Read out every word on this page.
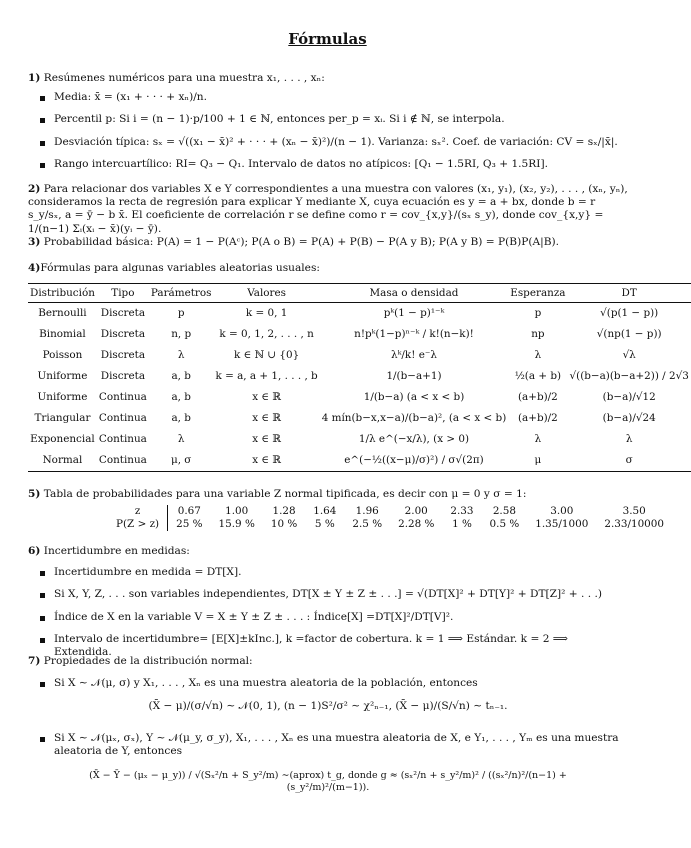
Fórmulas
1) Resúmenes numéricos para una muestra x₁, . . . , xₙ:
Media: x̄ = (x₁ + · · · + xₙ)/n.
Percentil p: Si i = (n − 1)·p/100 + 1 ∈ ℕ, entonces per_p = xᵢ. Si i ∉ ℕ, se interpola.
Desviación típica: sₓ = √((x₁ − x̄)² + · · · + (xₙ − x̄)²)/(n − 1). Varianza: sₓ². Coef. de variación: CV = sₓ/|x̄|.
Rango intercuartílico: RI= Q₃ − Q₁. Intervalo de datos no atípicos: [Q₁ − 1.5RI, Q₃ + 1.5RI].
2) Para relacionar dos variables X e Y correspondientes a una muestra con valores (x₁, y₁), (x₂, y₂), . . . , (xₙ, yₙ), consideramos la recta de regresión para explicar Y mediante X, cuya ecuación es y = a + bx, donde b = r s_y/sₓ, a = ȳ − b x̄. El coeficiente de correlación r se define como r = cov_{x,y}/(sₓ s_y), donde cov_{x,y} = 1/(n−1) Σᵢ(xᵢ − x̄)(yᵢ − ȳ).
3) Probabilidad básica: P(A) = 1 − P(Aᶜ); P(A o B) = P(A) + P(B) − P(A y B); P(A y B) = P(B)P(A|B).
4)Fórmulas para algunas variables aleatorias usuales:
Distribución	Tipo	Parámetros	Valores	Masa o densidad	Esperanza	DT
Bernoulli	Discreta	p	k = 0, 1	pᵏ(1 − p)¹⁻ᵏ	p	√(p(1 − p))
Binomial	Discreta	n, p	k = 0, 1, 2, . . . , n	n!pᵏ(1−p)ⁿ⁻ᵏ / k!(n−k)!	np	√(np(1 − p))
Poisson	Discreta	λ	k ∈ ℕ ∪ {0}	λᵏ/k! e⁻λ	λ	√λ
Uniforme	Discreta	a, b	k = a, a + 1, . . . , b	1/(b−a+1)	½(a + b)	√((b−a)(b−a+2)) / 2√3
Uniforme	Continua	a, b	x ∈ ℝ	1/(b−a) (a < x < b)	(a+b)/2	(b−a)/√12
Triangular	Continua	a, b	x ∈ ℝ	4 mín(b−x,x−a)/(b−a)², (a < x < b)	(a+b)/2	(b−a)/√24
Exponencial	Continua	λ	x ∈ ℝ	1/λ e^(−x/λ), (x > 0)	λ	λ
Normal	Continua	μ, σ	x ∈ ℝ	e^(−½((x−μ)/σ)²) / σ√(2π)	μ	σ
5) Tabla de probabilidades para una variable Z normal tipificada, es decir con μ = 0 y σ = 1:
z	0.67	1.00	1.28	1.64	1.96	2.00	2.33	2.58	3.00	3.50
P(Z > z)	25 %	15.9 %	10 %	5 %	2.5 %	2.28 %	1 %	0.5 %	1.35/1000	2.33/10000
6) Incertidumbre en medidas:
Incertidumbre en medida = DT[X].
Si X, Y, Z, . . . son variables independientes, DT[X ± Y ± Z ± . . .] = √(DT[X]² + DT[Y]² + DT[Z]² + . . .)
Índice de X en la variable V = X ± Y ± Z ± . . . : Índice[X] =DT[X]²/DT[V]².
Intervalo de incertidumbre= [E[X]±kInc.], k =factor de cobertura. k = 1 ⟹ Estándar. k = 2 ⟹ Extendida.
7) Propiedades de la distribución normal:
Si X ∼ 𝒩(μ, σ) y X₁, . . . , Xₙ es una muestra aleatoria de la población, entonces
(X̄ − μ)/(σ/√n) ∼ 𝒩(0, 1), (n − 1)S²/σ² ∼ χ²ₙ₋₁, (X̄ − μ)/(S/√n) ∼ tₙ₋₁.
Si X ∼ 𝒩(μₓ, σₓ), Y ∼ 𝒩(μ_y, σ_y), X₁, . . . , Xₙ es una muestra aleatoria de X, e Y₁, . . . , Yₘ es una muestra aleatoria de Y, entonces
(X̄ − Ȳ − (μₓ − μ_y)) / √(Sₓ²/n + S_y²/m) ∼(aprox) t_g, donde g ≈ (sₓ²/n + s_y²/m)² / ((sₓ²/n)²/(n−1) + (s_y²/m)²/(m−1)).
